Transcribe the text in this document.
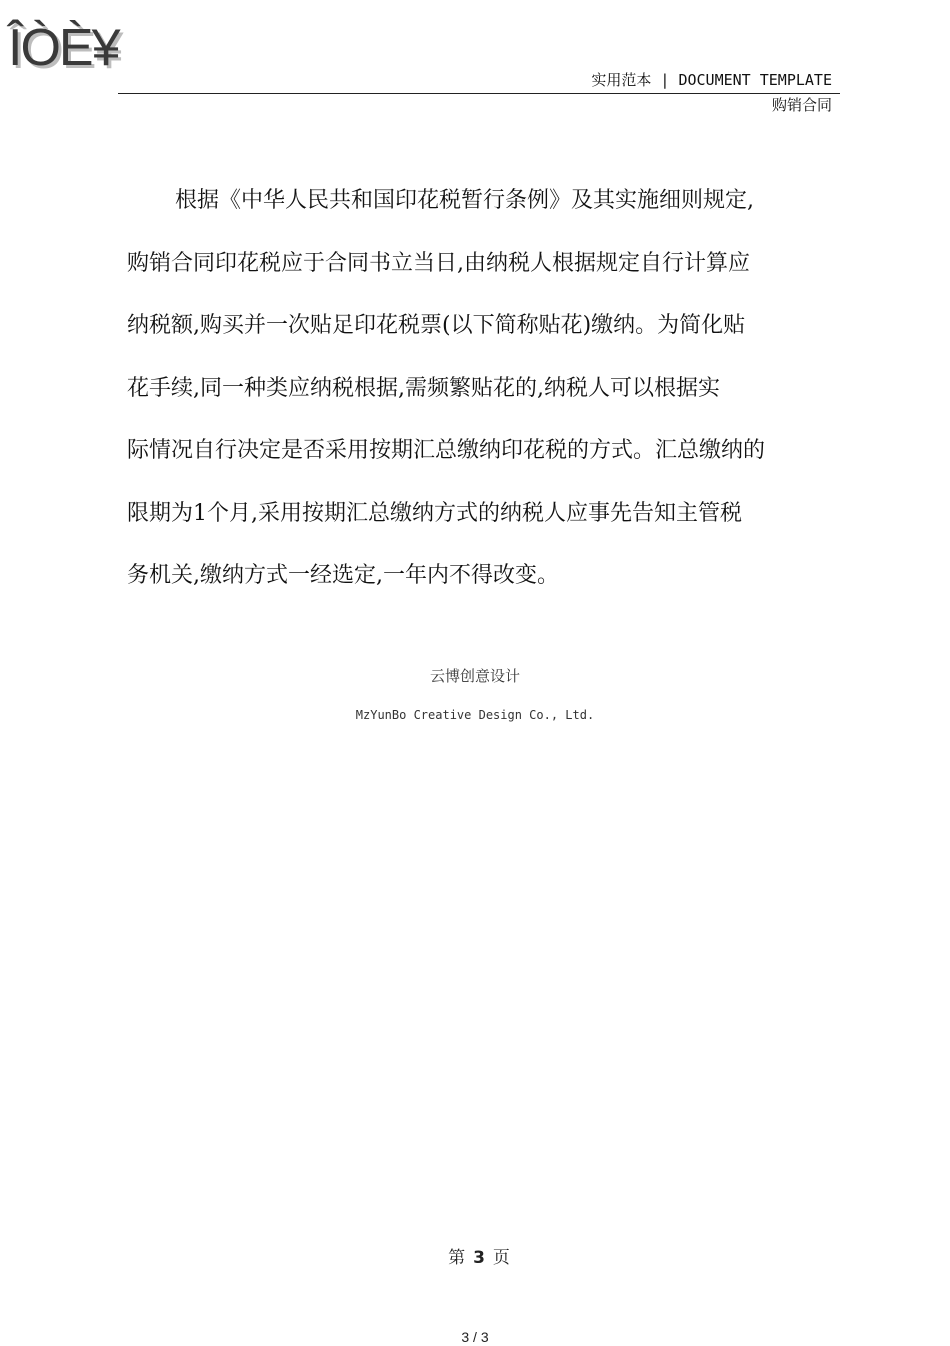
ÎÒÈ¥
实用范本 | DOCUMENT TEMPLATE
购销合同
根据《中华人民共和国印花税暂行条例》及其实施细则规定,
购销合同印花税应于合同书立当日,由纳税人根据规定自行计算应
纳税额,购买并一次贴足印花税票(以下简称贴花)缴纳。为简化贴
花手续,同一种类应纳税根据,需频繁贴花的,纳税人可以根据实
际情况自行决定是否采用按期汇总缴纳印花税的方式。汇总缴纳的
限期为1个月,采用按期汇总缴纳方式的纳税人应事先告知主管税
务机关,缴纳方式一经选定,一年内不得改变。
云博创意设计
MzYunBo Creative Design Co., Ltd.
第 3 页
3 / 3
